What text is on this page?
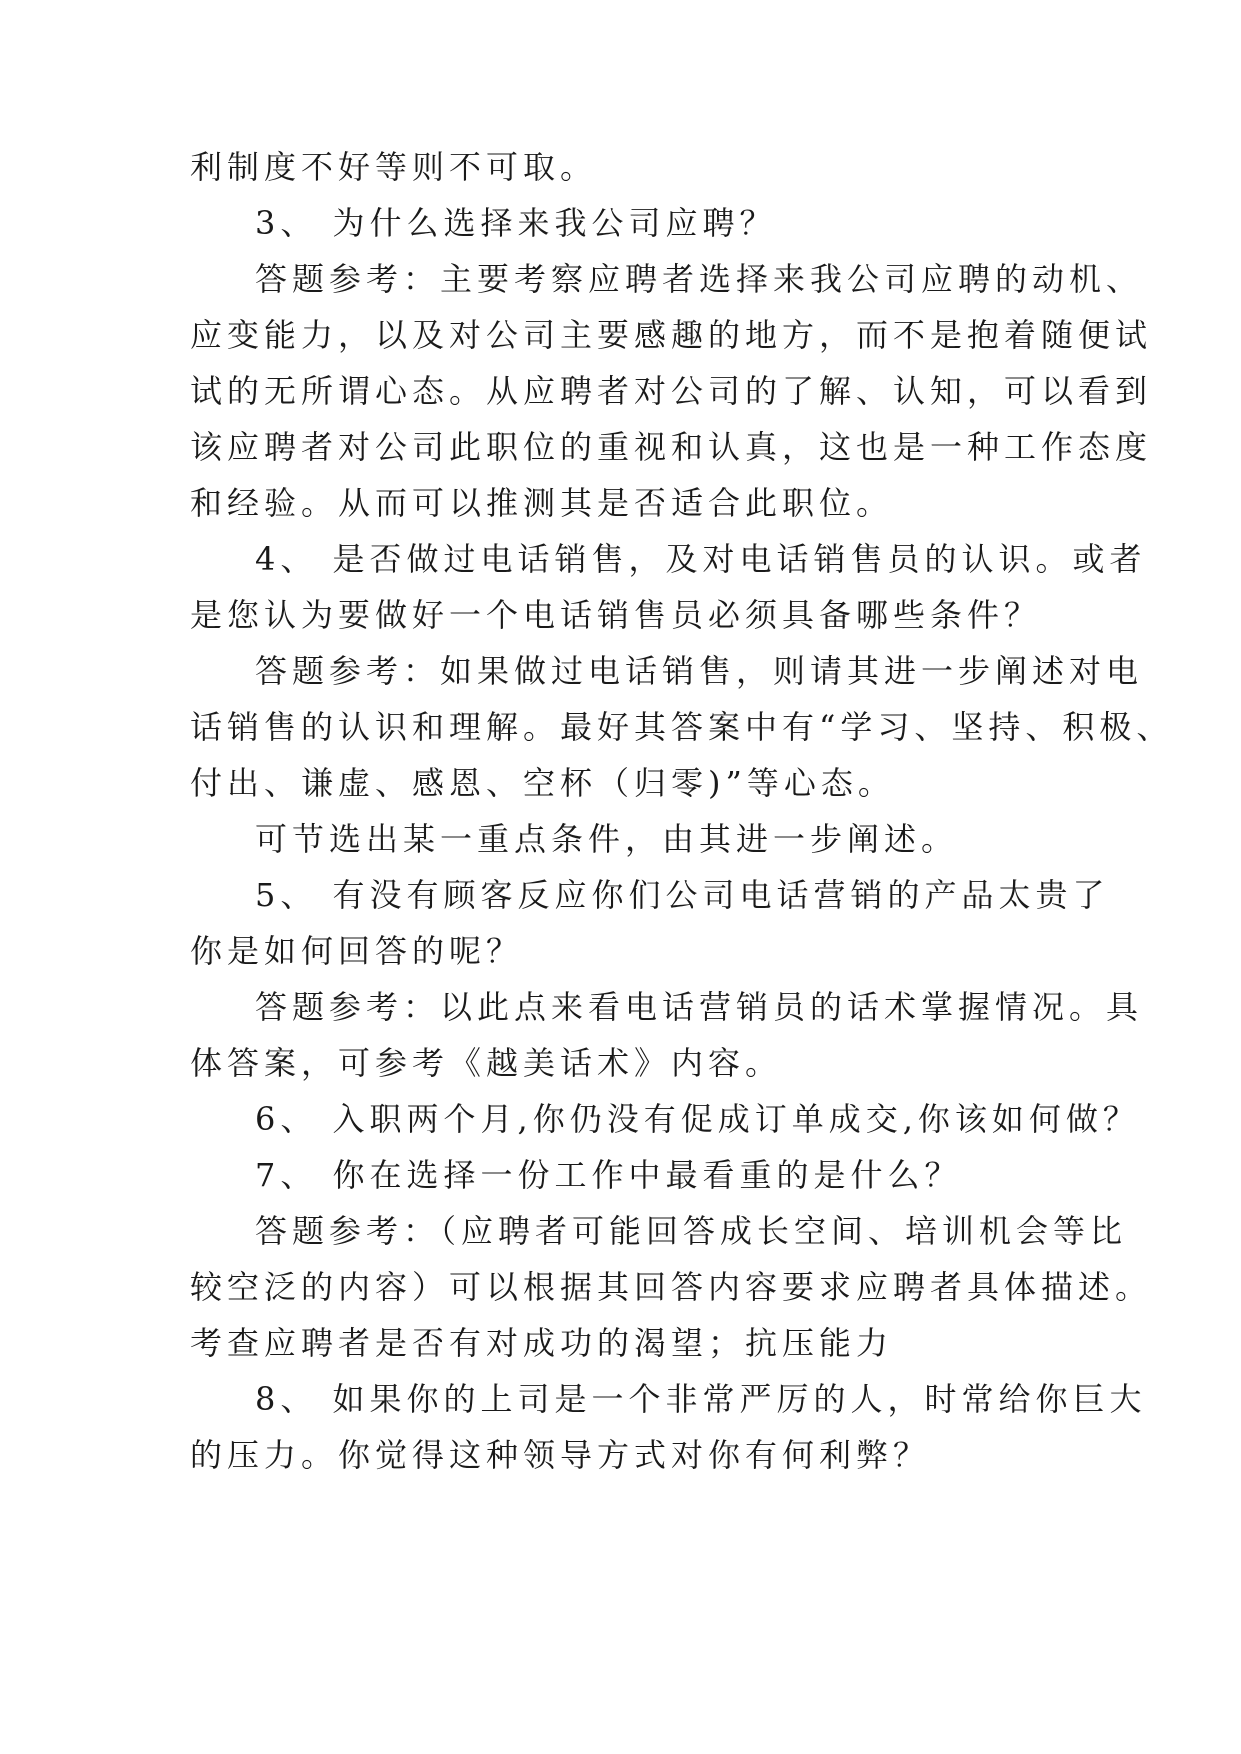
利制度不好等则不可取。
3、 为什么选择来我公司应聘？
答题参考：主要考察应聘者选择来我公司应聘的动机、
应变能力，以及对公司主要感趣的地方，而不是抱着随便试
试的无所谓心态。从应聘者对公司的了解、认知，可以看到
该应聘者对公司此职位的重视和认真，这也是一种工作态度
和经验。从而可以推测其是否适合此职位。
4、 是否做过电话销售，及对电话销售员的认识。或者
是您认为要做好一个电话销售员必须具备哪些条件？
答题参考：如果做过电话销售，则请其进一步阐述对电
话销售的认识和理解。最好其答案中有“学习、坚持、积极、
付出、谦虚、感恩、空杯（归零)”等心态。
可节选出某一重点条件，由其进一步阐述。
5、 有没有顾客反应你们公司电话营销的产品太贵了
你是如何回答的呢？
答题参考：以此点来看电话营销员的话术掌握情况。具
体答案，可参考《越美话术》内容。
6、 入职两个月,你仍没有促成订单成交,你该如何做？
7、 你在选择一份工作中最看重的是什么？
答题参考：（应聘者可能回答成长空间、培训机会等比
较空泛的内容）可以根据其回答内容要求应聘者具体描述。
考查应聘者是否有对成功的渴望；抗压能力
8、 如果你的上司是一个非常严厉的人，时常给你巨大
的压力。你觉得这种领导方式对你有何利弊？
